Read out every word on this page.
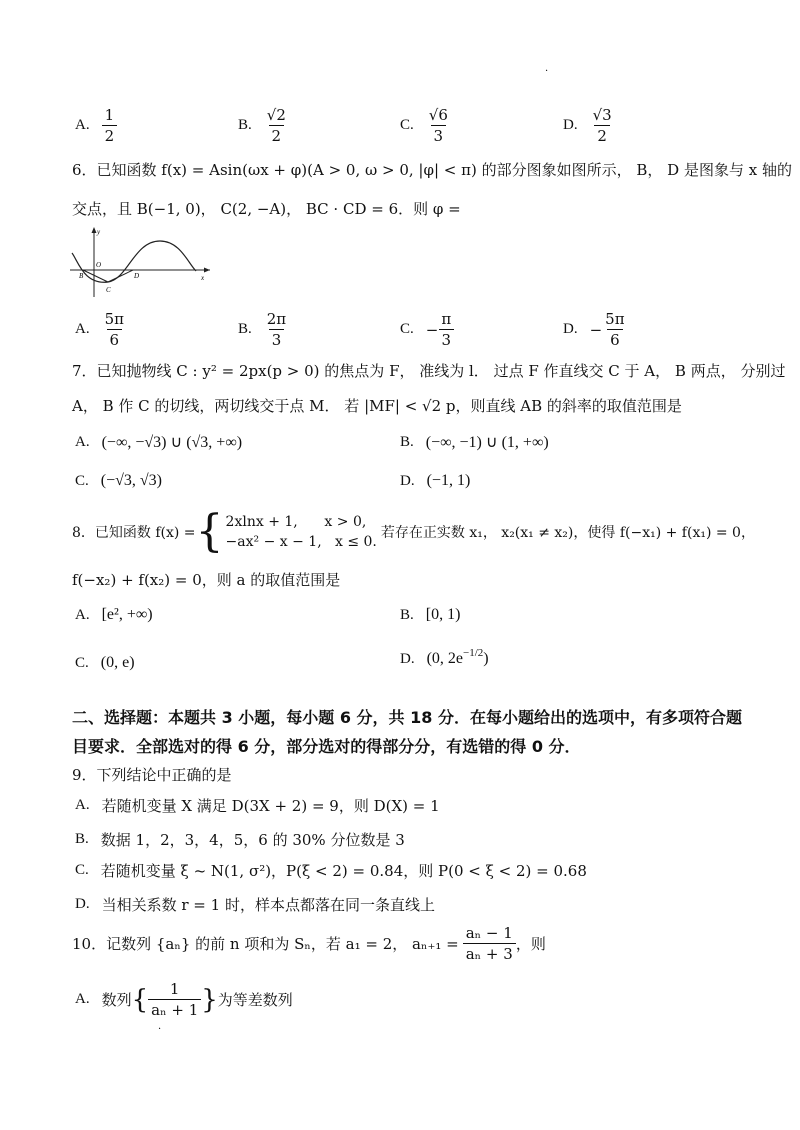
·
A. $\frac{1}{2}$	B. $\frac{√2}{2}$	C. $\frac{√6}{3}$	D. $\frac{√3}{2}$
6．已知函数 f(x) = Asin(ωx + φ)(A > 0, ω > 0, |φ| < π) 的部分图象如图所示， B， D 是图象与 x 轴的
交点，且 B(−1, 0)， C(2, −A)， BC · CD = 6．则 φ =
y
O
B
C
D	x
A. $\frac{5\pi}{6}$	B. $\frac{2\pi}{3}$	C. − $\frac{\pi}{3}$	D. − $\frac{5\pi}{6}$
7．已知抛物线 C : y² = 2px(p > 0) 的焦点为 F， 准线为 l． 过点 F 作直线交 C 于 A， B 两点， 分别过
A， B 作 C 的切线，两切线交于点 M． 若 |MF| < √2 p，则直线 AB 的斜率的取值范围是
A. (−∞, −√3) ∪ (√3, +∞)	B. (−∞, −1) ∪ (1, +∞)
C. (−√3, √3)	D. (−1, 1)
8．已知函数 f(x) = { 2xlnx + 1,      x > 0,
−ax² − x − 1,   x ≤ 0.
若存在正实数 x₁， x₂(x₁ ≠ x₂)，使得 f(−x₁) + f(x₁) = 0，
f(−x₂) + f(x₂) = 0，则 a 的取值范围是
A. [e², +∞)	B. [0, 1)
C. (0, e)	D. (0, $2e^{-1/2}$ )
二、选择题：本题共 3 小题，每小题 6 分，共 18 分．在每小题给出的选项中，有多项符合题
目要求．全部选对的得 6 分，部分选对的得部分分，有选错的得 0 分．
9．下列结论中正确的是
A. 若随机变量 X 满足 D(3X + 2) = 9，则 D(X) = 1
B. 数据 1，2，3，4，5，6 的 30% 分位数是 3
C. 若随机变量 ξ ~ N(1, σ²)，P(ξ < 2) = 0.84，则 P(0 < ξ < 2) = 0.68
D. 当相关系数 r = 1 时，样本点都落在同一条直线上
10．记数列 {aₙ} 的前 n 项和为 Sₙ，若 a₁ = 2， $a_{n+1} = \frac{\text{aₙ − 1}}{\text{aₙ + 3}}$ ，则
A. 数列 { $\frac{1}{\text{aₙ + 1}}$ } 为等差数列
·
